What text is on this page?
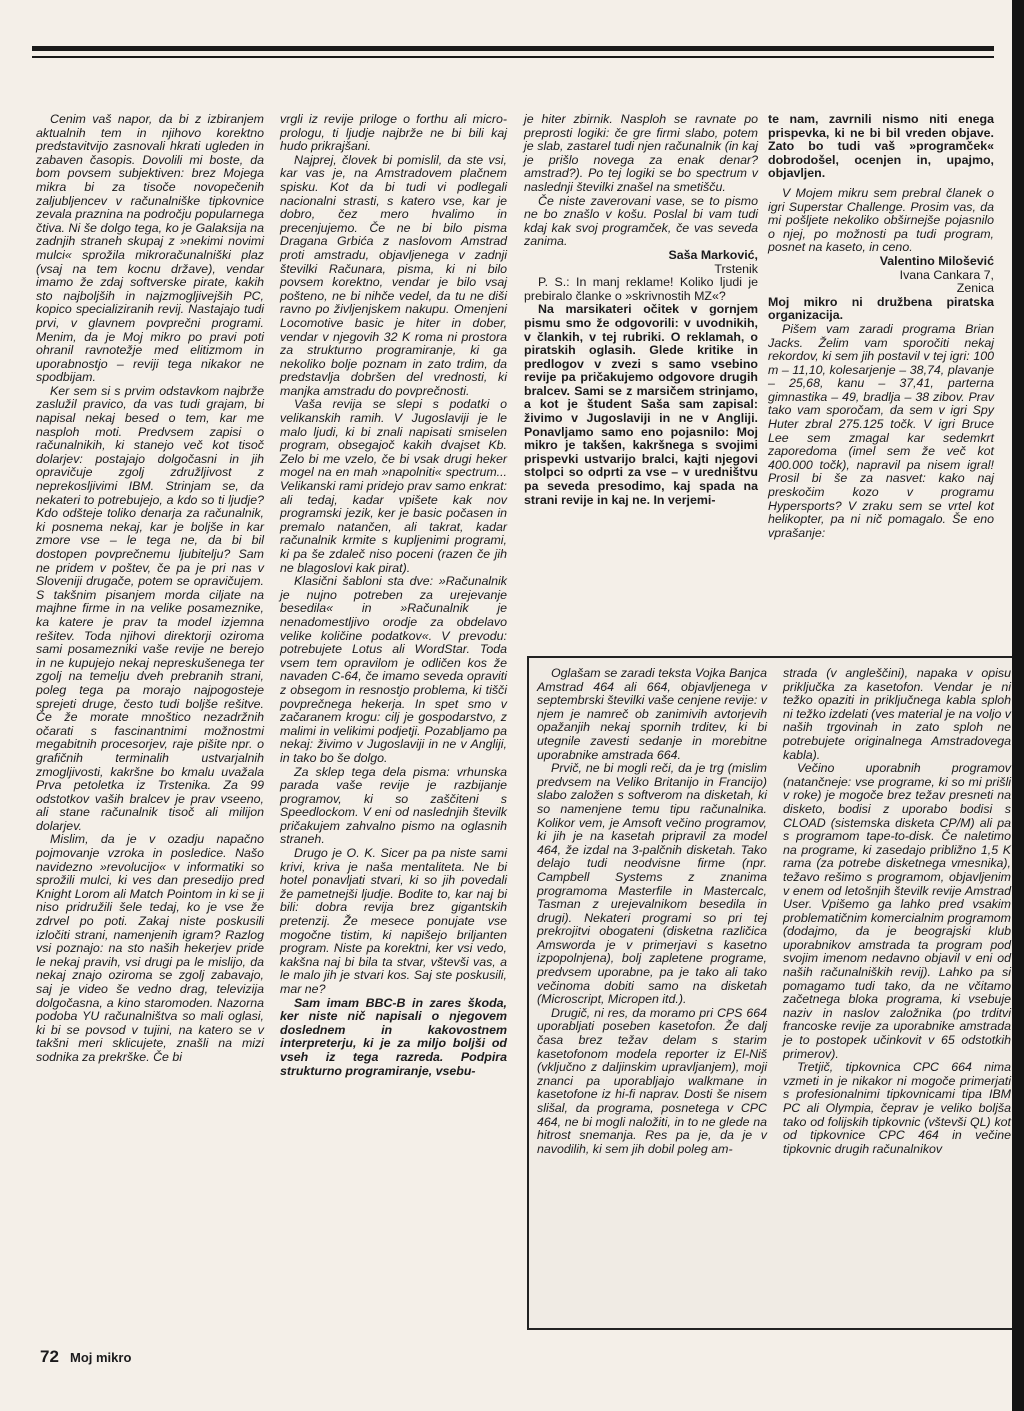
Cenim vaš napor, da bi z izbiranjem aktualnih tem in njihovo korektno predstavitvijo zasnovali hkrati ugleden in zabaven časopis. Dovolili mi boste, da bom povsem subjektiven: brez Mojega mikra bi za tisoče novopečenih zaljubljencev v računalniške tipkovnice zevala praznina na področju popularnega čtiva. Ni še dolgo tega, ko je Galaksija na zadnjih straneh skupaj z »nekimi novimi mulci« sprožila mikroračunalniški plaz (vsaj na tem kocnu države), vendar imamo že zdaj softverske pirate, kakih sto najboljših in najzmogljivejših PC, kopico specializiranih revij. Nastajajo tudi prvi, v glavnem povprečni programi. Menim, da je Moj mikro po pravi poti ohranil ravnotežje med elitizmom in uporabnostjo – reviji tega nikakor ne spodbijam.

Ker sem si s prvim odstavkom najbrže zaslužil pravico, da vas tudi grajam, bi napisal nekaj besed o tem, kar me nasploh moti. Predvsem zapisi o računalnikih, ki stanejo več kot tisoč dolarjev: postajajo dolgočasni in jih opravičuje zgolj združljivost z neprekosljivimi IBM. Strinjam se, da nekateri to potrebujejo, a kdo so ti ljudje? Kdo odšteje toliko denarja za računalnik, ki posnema nekaj, kar je boljše in kar zmore vse – le tega ne, da bi bil dostopen povprečnemu ljubitelju? Sam ne pridem v poštev, če pa je pri nas v Sloveniji drugače, potem se opravičujem. S takšnim pisanjem morda ciljate na majhne firme in na velike posameznike, ka katere je prav ta model izjemna rešitev. Toda njihovi direktorji oziroma sami posamezniki vaše revije ne berejo in ne kupujejo nekaj nepreskušenega ter zgolj na temelju dveh prebranih strani, poleg tega pa morajo najpogosteje sprejeti druge, često tudi boljše rešitve. Če že morate mnoštico nezadržnih očarati s fascinantnimi možnostmi megabitnih procesorjev, raje pišite npr. o grafičnih terminalih ustvarjalnih zmogljivosti, kakršne bo kmalu uvažala Prva petoletka iz Trstenika. Za 99 odstotkov vaših bralcev je prav vseeno, ali stane računalnik tisoč ali milijon dolarjev.

Mislim, da je v ozadju napačno pojmovanje vzroka in posledice. Našo navidezno »revolucijo« v informatiki so sprožili mulci, ki ves dan presedijo pred Knight Lorom ali Match Pointom in ki se ji niso pridružili šele tedaj, ko je vse že zdrvel po poti. Zakaj niste poskusili izločiti strani, namenjenih igram? Razlog vsi poznajo: na sto naših hekerjev pride le nekaj pravih, vsi drugi pa le mislijo, da nekaj znajo oziroma se zgolj zabavajo, saj je video še vedno drag, televizija dolgočasna, a kino staromoden. Nazorna podoba YU računalništva so mali oglasi, ki bi se povsod v tujini, na katero se v takšni meri sklicujete, znašli na mizi sodnika za prekrške. Če bi

vrgli iz revije priloge o forthu ali micro-prologu, ti ljudje najbrže ne bi bili kaj hudo prikrajšani.

Najprej, človek bi pomislil, da ste vsi, kar vas je, na Amstradovem plačnem spisku. Kot da bi tudi vi podlegali nacionalni strasti, s katero vse, kar je dobro, čez mero hvalimo in precenjujemo. Če ne bi bilo pisma Dragana Grbića z naslovom Amstrad proti amstradu, objavljenega v zadnji številki Računara, pisma, ki ni bilo povsem korektno, vendar je bilo vsaj pošteno, ne bi nihče vedel, da tu ne diši ravno po življenjskem nakupu. Omenjeni Locomotive basic je hiter in dober, vendar v njegovih 32 K roma ni prostora za strukturno programiranje, ki ga nekoliko bolje poznam in zato trdim, da predstavlja dobršen del vrednosti, ki manjka amstradu do povprečnosti.

Vaša revija se slepi s podatki o velikanskih ramih. V Jugoslaviji je le malo ljudi, ki bi znali napisati smiselen program, obsegajoč kakih dvajset Kb. Zelo bi me vzelo, če bi vsak drugi heker mogel na en mah »napolniti« spectrum... Velikanski rami pridejo prav samo enkrat: ali tedaj, kadar vpišete kak nov programski jezik, ker je basic počasen in premalo natančen, ali takrat, kadar računalnik krmite s kupljenimi programi, ki pa še zdaleč niso poceni (razen če jih ne blagoslovi kak pirat).

Klasični šabloni sta dve: »Računalnik je nujno potreben za urejevanje besedila« in »Računalnik je nenadomestljivo orodje za obdelavo velike količine podatkov«. V prevodu: potrebujete Lotus ali WordStar. Toda vsem tem opravilom je odličen kos že navaden C-64, če imamo seveda opraviti z obsegom in resnostjo problema, ki tišči povprečnega hekerja. In spet smo v začaranem krogu: cilj je gospodarstvo, z malimi in velikimi podjetji. Pozabljamo pa nekaj: živimo v Jugoslaviji in ne v Angliji, in tako bo še dolgo.

Za sklep tega dela pisma: vrhunska parada vaše revije je razbijanje programov, ki so zaščiteni s Speedlockom. V eni od naslednjih številk pričakujem zahvalno pismo na oglasnih straneh.

Drugo je O. K. Sicer pa pa niste sami krivi, kriva je naša mentaliteta. Ne bi hotel ponavljati stvari, ki so jih povedali že pametnejši ljudje. Bodite to, kar naj bi bili: dobra revija brez gigantskih pretenzij. Že mesece ponujate vse mogočne tistim, ki napišejo briljanten program. Niste pa korektni, ker vsi vedo, kakšna naj bi bila ta stvar, vštevši vas, a le malo jih je stvari kos. Saj ste poskusili, mar ne?

Sam imam BBC-B in zares škoda, ker niste nič napisali o njegovem doslednem in kakovostnem interpreterju, ki je za miljo boljši od vseh iz tega razreda. Podpira strukturno programiranje, vsebu-

je hiter zbirnik. Nasploh se ravnate po preprosti logiki: če gre firmi slabo, potem je slab, zastarel tudi njen računalnik (in kaj je prišlo novega za enak denar? amstrad?). Po tej logiki se bo spectrum v naslednji številki znašel na smetišču.

Če niste zaverovani vase, se to pismo ne bo znašlo v košu. Poslal bi vam tudi kdaj kak svoj programček, če vas seveda zanima.

Saša Marković,

Trstenik

P. S.: In manj reklame! Koliko ljudi je prebiralo članke o »skrivnostih MZ«?

Na marsikateri očitek v gornjem pismu smo že odgovorili: v uvodnikih, v člankih, v tej rubriki. O reklamah, o piratskih oglasih. Glede kritike in predlogov v zvezi s samo vsebino revije pa pričakujemo odgovore drugih bralcev. Sami se z marsičem strinjamo, a kot je študent Saša sam zapisal: živimo v Jugoslaviji in ne v Angliji. Ponavljamo samo eno pojasnilo: Moj mikro je takšen, kakršnega s svojimi prispevki ustvarijo bralci, kajti njegovi stolpci so odprti za vse – v uredništvu pa seveda presodimo, kaj spada na strani revije in kaj ne. In verjemi-

te nam, zavrnili nismo niti enega prispevka, ki ne bi bil vreden objave. Zato bo tudi vaš »programček« dobrodošel, ocenjen in, upajmo, objavljen.

V Mojem mikru sem prebral članek o igri Superstar Challenge. Prosim vas, da mi pošljete nekoliko obširnejše pojasnilo o njej, po možnosti pa tudi program, posnet na kaseto, in ceno.

Valentino Milošević

Ivana Cankara 7,

Zenica

Moj mikro ni družbena piratska organizacija.

Pišem vam zaradi programa Brian Jacks. Želim vam sporočiti nekaj rekordov, ki sem jih postavil v tej igri: 100 m – 11,10, kolesarjenje – 38,74, plavanje – 25,68, kanu – 37,41, parterna gimnastika – 49, bradlja – 38 zibov. Prav tako vam sporočam, da sem v igri Spy Huter zbral 275.125 točk. V igri Bruce Lee sem zmagal kar sedemkrt zaporedoma (imel sem že več kot 400.000 točk), napravil pa nisem igral! Prosil bi še za nasvet: kako naj preskočim kozo v programu Hypersports? V zraku sem se vrtel kot helikopter, pa ni nič pomagalo. Še eno vprašanje:

Oglašam se zaradi teksta Vojka Banjca Amstrad 464 ali 664, objavljenega v septembrski številki vaše cenjene revije: v njem je namreč ob zanimivih avtorjevih opažanjih nekaj spornih trditev, ki bi utegnile zavesti sedanje in morebitne uporabnike amstrada 664.

Prvič, ne bi mogli reči, da je trg (mislim predvsem na Veliko Britanijo in Francijo) slabo založen s softverom na disketah, ki so namenjene temu tipu računalnika. Kolikor vem, je Amsoft večino programov, ki jih je na kasetah pripravil za model 464, že izdal na 3-palčnih disketah. Tako delajo tudi neodvisne firme (npr. Campbell Systems z znanima programoma Masterfile in Mastercalc, Tasman z urejevalnikom besedila in drugi). Nekateri programi so pri tej prekrojitvi obogateni (disketna različica Amsworda je v primerjavi s kasetno izpopolnjena), bolj zapletene programe, predvsem uporabne, pa je tako ali tako večinoma dobiti samo na disketah (Microscript, Micropen itd.).

Drugič, ni res, da moramo pri CPS 664 uporabljati poseben kasetofon. Že dalj časa brez težav delam s starim kasetofonom modela reporter iz El-Niš (vključno z daljinskim upravljanjem), moji znanci pa uporabljajo walkmane in kasetofone iz hi-fi naprav. Dosti še nisem slišal, da programa, posnetega v CPC 464, ne bi mogli naložiti, in to ne glede na hitrost snemanja. Res pa je, da je v navodilih, ki sem jih dobil poleg am-

strada (v angleščini), napaka v opisu priključka za kasetofon. Vendar je ni težko opaziti in priključnega kabla sploh ni težko izdelati (ves material je na voljo v naših trgovinah in zato sploh ne potrebujete originalnega Amstradovega kabla).

Večino uporabnih programov (natančneje: vse programe, ki so mi prišli v roke) je mogoče brez težav presneti na disketo, bodisi z uporabo bodisi s CLOAD (sistemska disketa CP/M) ali pa s programom tape-to-disk. Če naletimo na programe, ki zasedajo približno 1,5 K rama (za potrebe disketnega vmesnika), težavo rešimo s programom, objavljenim v enem od letošnjih številk revije Amstrad User. Vpišemo ga lahko pred vsakim problematičnim komercialnim programom (dodajmo, da je beograjski klub uporabnikov amstrada ta program pod svojim imenom nedavno objavil v eni od naših računalniških revij). Lahko pa si pomagamo tudi tako, da ne včitamo začetnega bloka programa, ki vsebuje naziv in naslov založnika (po trditvi francoske revije za uporabnike amstrada je to postopek učinkovit v 65 odstotkih primerov).

Tretjič, tipkovnica CPC 664 nima vzmeti in je nikakor ni mogoče primerjati s profesionalnimi tipkovnicami tipa IBM PC ali Olympia, čeprav je veliko boljša tako od folijskih tipkovnic (vštevši QL) kot od tipkovnice CPC 464 in večine tipkovnic drugih računalnikov

72 Moj mikro
